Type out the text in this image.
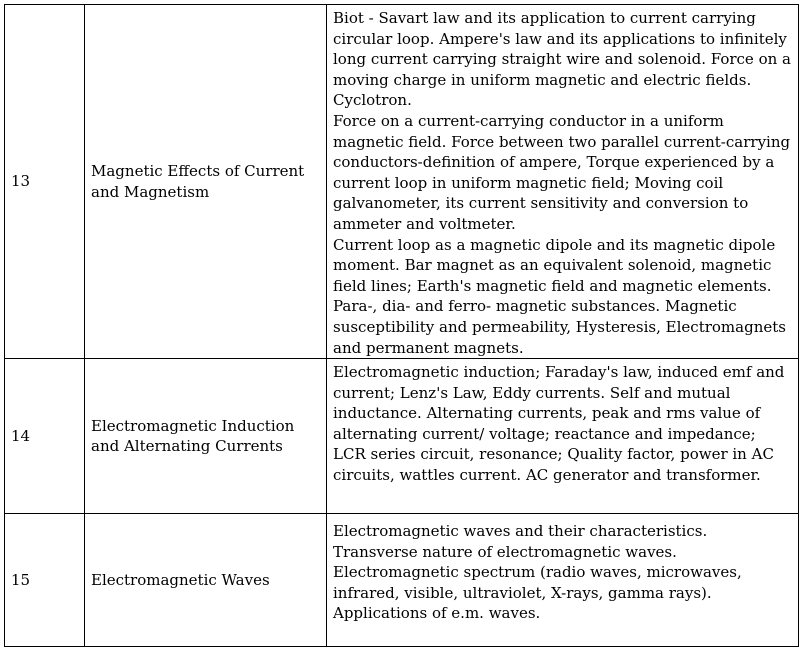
13	Magnetic Effects of Current and Magnetism	Biot - Savart law and its application to current carrying circular loop. Ampere's law and its applications to infinitely long current carrying straight wire and solenoid. Force on a moving charge in uniform magnetic and electric fields. Cyclotron.
Force on a current-carrying conductor in a uniform magnetic field. Force between two parallel current-carrying conductors-definition of ampere, Torque experienced by a current loop in uniform magnetic field; Moving coil galvanometer, its current sensitivity and conversion to ammeter and voltmeter.
Current loop as a magnetic dipole and its magnetic dipole moment. Bar magnet as an equivalent solenoid, magnetic field lines; Earth's magnetic field and magnetic elements. Para-, dia- and ferro- magnetic substances. Magnetic susceptibility and permeability, Hysteresis, Electromagnets and permanent magnets.

14	Electromagnetic Induction and Alternating Currents	Electromagnetic induction; Faraday's law, induced emf and current; Lenz's Law, Eddy currents. Self and mutual inductance. Alternating currents, peak and rms value of alternating current/ voltage; reactance and impedance; LCR series circuit, resonance; Quality factor, power in AC circuits, wattles current. AC generator and transformer.

15	Electromagnetic Waves	Electromagnetic waves and their characteristics. Transverse nature of electromagnetic waves. Electromagnetic spectrum (radio waves, microwaves, infrared, visible, ultraviolet, X-rays, gamma rays). Applications of e.m. waves.
